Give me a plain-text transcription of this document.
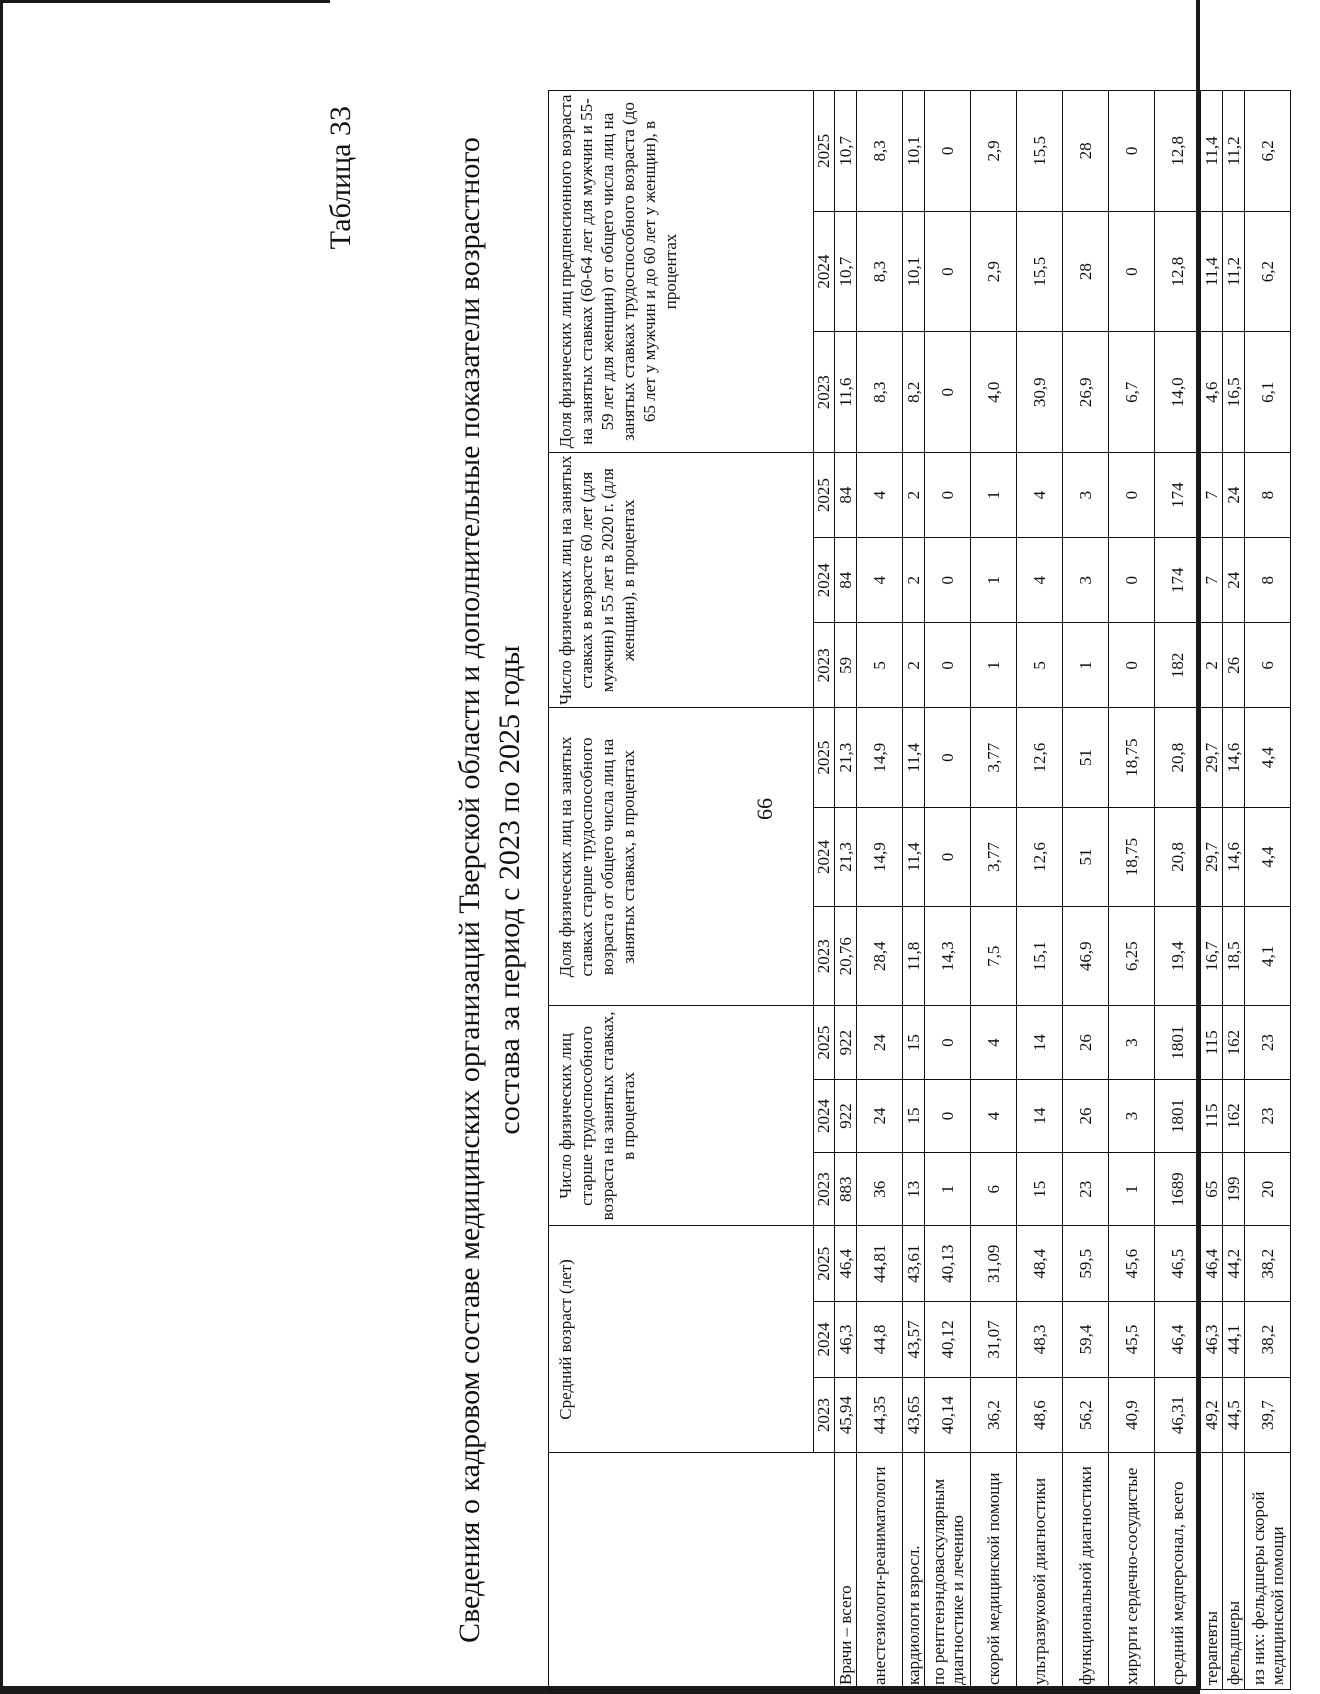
66
Таблица 33	Сведения о кадровом составе медицинских организаций Тверской области и дополнительные показатели возрастного состава за период с 2023 по 2025 годы
	Средний возраст (лет)			Число физических лиц старше трудоспособного возраста на занятых ставках, в процентах			Доля физических лиц на занятых ставках старше трудоспособного возраста от общего числа лиц на занятых ставках, в процентах			Число физических лиц на занятых ставках в возрасте 60 лет (для мужчин) и 55 лет в 2020 г. (для женщин), в процентах			Доля физических лиц предпенсионного возраста на занятых ставках (60-64 лет для мужчин и 55-59 лет для женщин) от общего числа лиц на занятых ставках трудоспособного возраста (до 65 лет у мужчин и до 60 лет у женщин), в процентах		
	2023	2024	2025	2023	2024	2025	2023	2024	2025	2023	2024	2025	2023	2024	2025
Врачи – всего	45,94	46,3	46,4	883	922	922	20,76	21,3	21,3	59	84	84	11,6	10,7	10,7
анестезиологи-реаниматологи	44,35	44,8	44,81	36	24	24	28,4	14,9	14,9	5	4	4	8,3	8,3	8,3
кардиологи взросл.	43,65	43,57	43,61	13	15	15	11,8	11,4	11,4	2	2	2	8,2	10,1	10,1
по рентгенэндоваскулярным диагностике и лечению	40,14	40,12	40,13	1	0	0	14,3	0	0	0	0	0	0	0	0
скорой медицинской помощи	36,2	31,07	31,09	6	4	4	7,5	3,77	3,77	1	1	1	4,0	2,9	2,9
ультразвуковой диагностики	48,6	48,3	48,4	15	14	14	15,1	12,6	12,6	5	4	4	30,9	15,5	15,5
функциональной диагностики	56,2	59,4	59,5	23	26	26	46,9	51	51	1	3	3	26,9	28	28
хирурги сердечно-сосудистые	40,9	45,5	45,6	1	3	3	6,25	18,75	18,75	0	0	0	6,7	0	0
средний медперсонал, всего	46,31	46,4	46,5	1689	1801	1801	19,4	20,8	20,8	182	174	174	14,0	12,8	12,8
терапевты	49,2	46,3	46,4	65	115	115	16,7	29,7	29,7	2	7	7	4,6	11,4	11,4
фельдшеры	44,5	44,1	44,2	199	162	162	18,5	14,6	14,6	26	24	24	16,5	11,2	11,2
из них: фельдшеры скорой медицинской помощи	39,7	38,2	38,2	20	23	23	4,1	4,4	4,4	6	8	8	6,1	6,2	6,2
